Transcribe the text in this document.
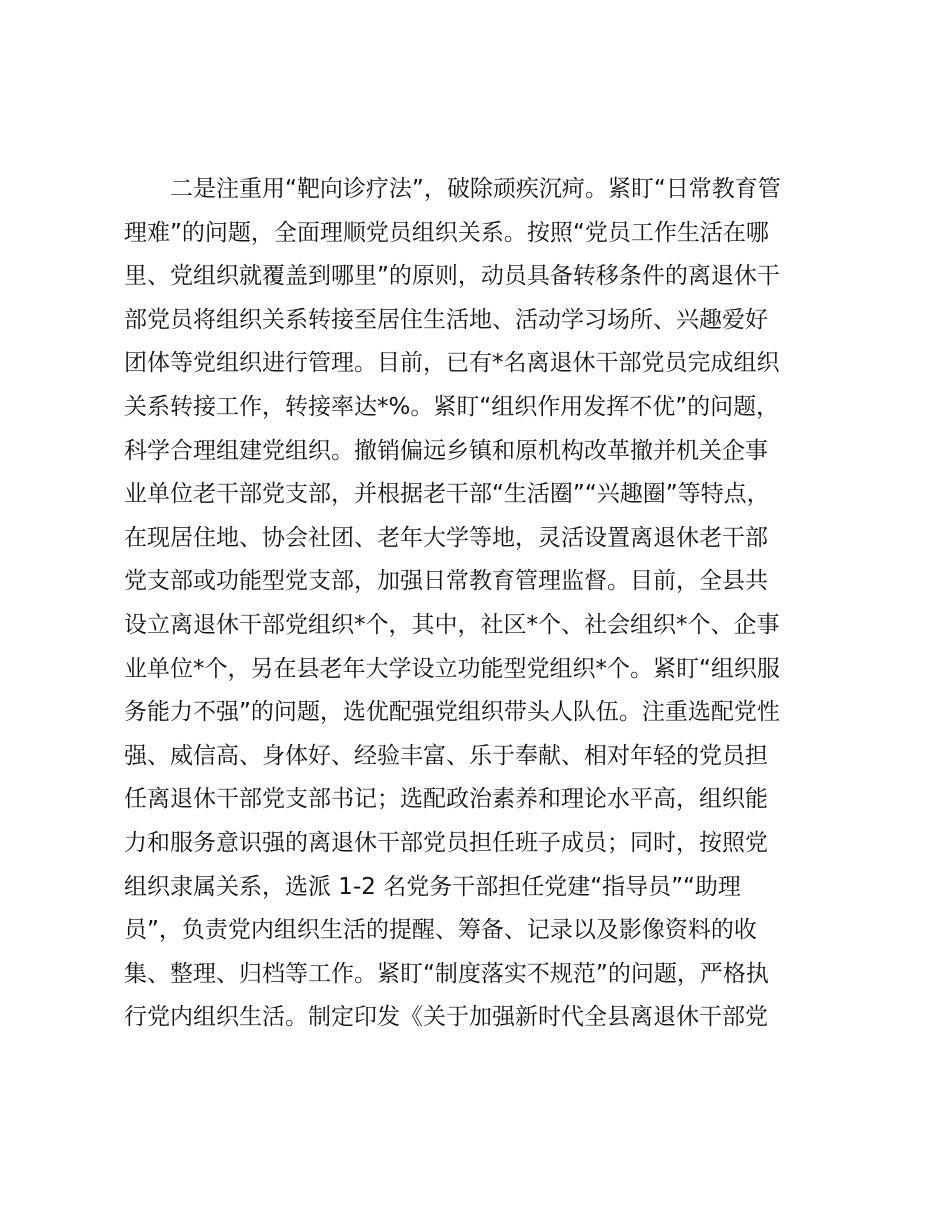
二是注重用“靶向诊疗法”，破除顽疾沉疴。紧盯“日常教育管
理难”的问题，全面理顺党员组织关系。按照“党员工作生活在哪
里、党组织就覆盖到哪里”的原则，动员具备转移条件的离退休干
部党员将组织关系转接至居住生活地、活动学习场所、兴趣爱好
团体等党组织进行管理。目前，已有*名离退休干部党员完成组织
关系转接工作，转接率达*%。紧盯“组织作用发挥不优”的问题，
科学合理组建党组织。撤销偏远乡镇和原机构改革撤并机关企事
业单位老干部党支部，并根据老干部“生活圈”“兴趣圈”等特点，
在现居住地、协会社团、老年大学等地，灵活设置离退休老干部
党支部或功能型党支部，加强日常教育管理监督。目前，全县共
设立离退休干部党组织*个，其中，社区*个、社会组织*个、企事
业单位*个，另在县老年大学设立功能型党组织*个。紧盯“组织服
务能力不强”的问题，选优配强党组织带头人队伍。注重选配党性
强、威信高、身体好、经验丰富、乐于奉献、相对年轻的党员担
任离退休干部党支部书记；选配政治素养和理论水平高，组织能
力和服务意识强的离退休干部党员担任班子成员；同时，按照党
组织隶属关系，选派 1-2 名党务干部担任党建“指导员”“助理
员”，负责党内组织生活的提醒、筹备、记录以及影像资料的收
集、整理、归档等工作。紧盯“制度落实不规范”的问题，严格执
行党内组织生活。制定印发《关于加强新时代全县离退休干部党
